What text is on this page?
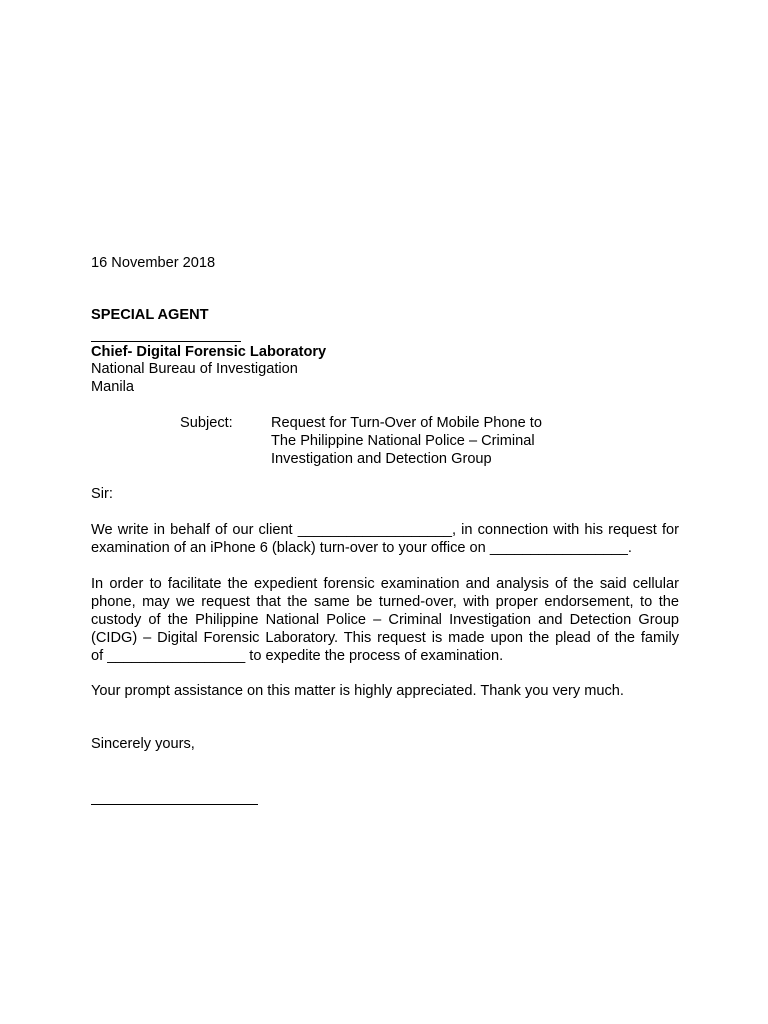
16 November 2018
SPECIAL AGENT
Chief- Digital Forensic Laboratory
National Bureau of Investigation
Manila
Subject:	Request for Turn-Over of Mobile Phone to
The Philippine National Police – Criminal
Investigation and Detection Group
Sir:
We write in behalf of our client ___________________, in connection with his request for
examination of an iPhone 6 (black) turn-over to your office on _________________.
In order to facilitate the expedient forensic examination and analysis of the said cellular
phone, may we request that the same be turned-over, with proper endorsement, to the
custody of the Philippine National Police – Criminal Investigation and Detection Group
(CIDG) – Digital Forensic Laboratory. This request is made upon the plead of the family
of _________________ to expedite the process of examination.
Your prompt assistance on this matter is highly appreciated. Thank you very much.
Sincerely yours,
